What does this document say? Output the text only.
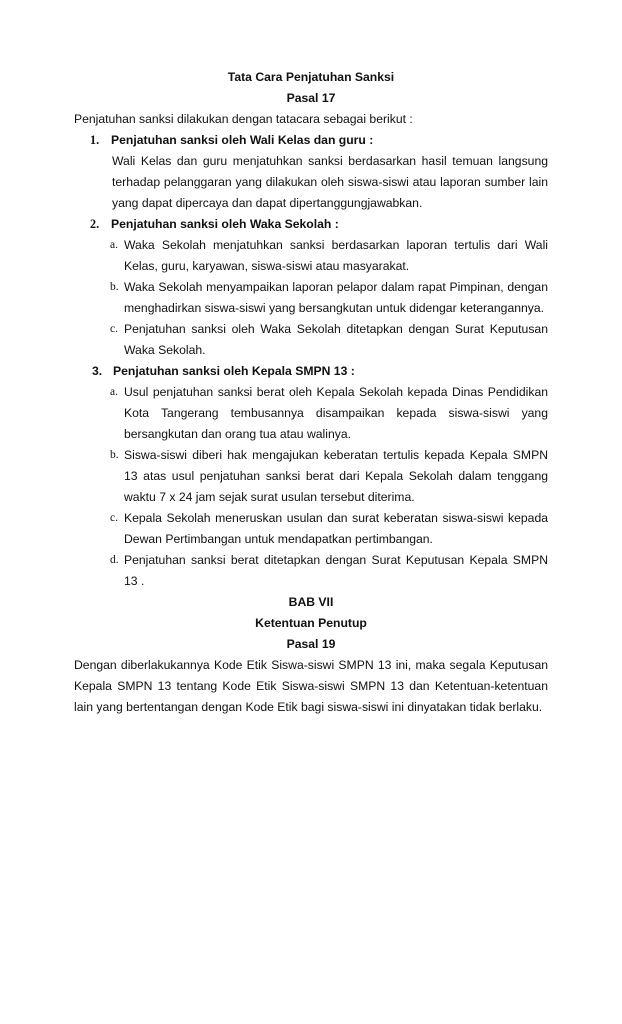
Tata Cara Penjatuhan Sanksi
Pasal 17
Penjatuhan sanksi dilakukan dengan tatacara sebagai berikut :
1. Penjatuhan sanksi oleh Wali Kelas dan guru :
Wali Kelas dan guru menjatuhkan sanksi berdasarkan hasil temuan langsung terhadap pelanggaran yang dilakukan oleh siswa-siswi atau laporan sumber lain yang dapat dipercaya dan dapat dipertanggungjawabkan.
2. Penjatuhan sanksi oleh Waka Sekolah :
a. Waka Sekolah menjatuhkan sanksi berdasarkan laporan tertulis dari Wali Kelas, guru, karyawan, siswa-siswi atau masyarakat.
b. Waka Sekolah menyampaikan laporan pelapor dalam rapat Pimpinan, dengan menghadirkan siswa-siswi yang bersangkutan untuk didengar keterangannya.
c. Penjatuhan sanksi oleh Waka Sekolah ditetapkan dengan Surat Keputusan Waka Sekolah.
3. Penjatuhan sanksi oleh Kepala SMPN 13 :
a. Usul penjatuhan sanksi berat oleh Kepala Sekolah kepada Dinas Pendidikan Kota Tangerang tembusannya disampaikan kepada siswa-siswi yang bersangkutan dan orang tua atau walinya.
b. Siswa-siswi diberi hak mengajukan keberatan tertulis kepada Kepala SMPN 13 atas usul penjatuhan sanksi berat dari Kepala Sekolah dalam tenggang waktu 7 x 24 jam sejak surat usulan tersebut diterima.
c. Kepala Sekolah meneruskan usulan dan surat keberatan siswa-siswi kepada Dewan Pertimbangan untuk mendapatkan pertimbangan.
d. Penjatuhan sanksi berat ditetapkan dengan Surat Keputusan Kepala SMPN 13 .
BAB VII
Ketentuan Penutup
Pasal 19
Dengan diberlakukannya Kode Etik Siswa-siswi SMPN 13 ini, maka segala Keputusan Kepala SMPN 13 tentang Kode Etik Siswa-siswi SMPN 13 dan Ketentuan-ketentuan lain yang bertentangan dengan Kode Etik bagi siswa-siswi ini dinyatakan tidak berlaku.
